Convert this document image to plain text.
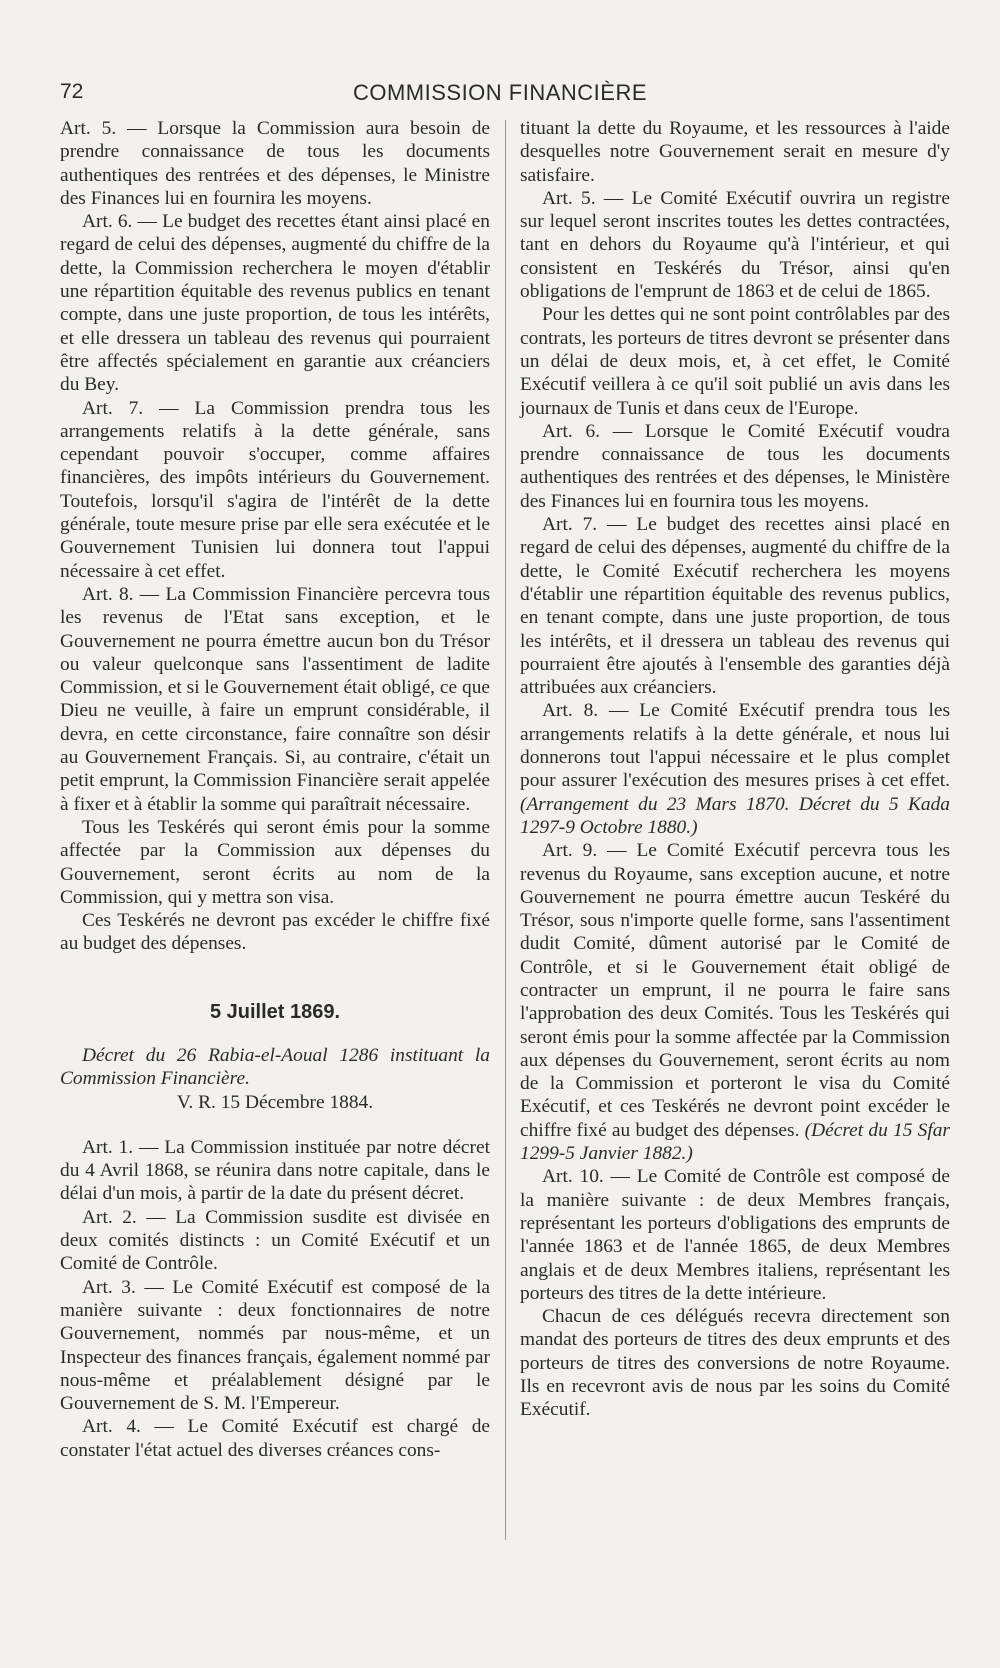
72	COMMISSION FINANCIÈRE

Art. 5. — Lorsque la Commission aura besoin de prendre connaissance de tous les documents authentiques des rentrées et des dépenses, le Ministre des Finances lui en fournira les moyens.

Art. 6. — Le budget des recettes étant ainsi placé en regard de celui des dépenses, augmenté du chiffre de la dette, la Commission recherchera le moyen d'établir une répartition équitable des revenus publics en tenant compte, dans une juste proportion, de tous les intérêts, et elle dressera un tableau des revenus qui pourraient être affectés spécialement en garantie aux créanciers du Bey.

Art. 7. — La Commission prendra tous les arrangements relatifs à la dette générale, sans cependant pouvoir s'occuper, comme affaires financières, des impôts intérieurs du Gouvernement. Toutefois, lorsqu'il s'agira de l'intérêt de la dette générale, toute mesure prise par elle sera exécutée et le Gouvernement Tunisien lui donnera tout l'appui nécessaire à cet effet.

Art. 8. — La Commission Financière percevra tous les revenus de l'Etat sans exception, et le Gouvernement ne pourra émettre aucun bon du Trésor ou valeur quelconque sans l'assentiment de ladite Commission, et si le Gouvernement était obligé, ce que Dieu ne veuille, à faire un emprunt considérable, il devra, en cette circonstance, faire connaître son désir au Gouvernement Français. Si, au contraire, c'était un petit emprunt, la Commission Financière serait appelée à fixer et à établir la somme qui paraîtrait nécessaire.

Tous les Teskérés qui seront émis pour la somme affectée par la Commission aux dépenses du Gouvernement, seront écrits au nom de la Commission, qui y mettra son visa.

Ces Teskérés ne devront pas excéder le chiffre fixé au budget des dépenses.

5 Juillet 1869.

Décret du 26 Rabia-el-Aoual 1286 instituant la Commission Financière.

V. R. 15 Décembre 1884.

Art. 1. — La Commission instituée par notre décret du 4 Avril 1868, se réunira dans notre capitale, dans le délai d'un mois, à partir de la date du présent décret.

Art. 2. — La Commission susdite est divisée en deux comités distincts : un Comité Exécutif et un Comité de Contrôle.

Art. 3. — Le Comité Exécutif est composé de la manière suivante : deux fonctionnaires de notre Gouvernement, nommés par nous-même, et un Inspecteur des finances français, également nommé par nous-même et préalablement désigné par le Gouvernement de S. M. l'Empereur.

Art. 4. — Le Comité Exécutif est chargé de constater l'état actuel des diverses créances cons-

tituant la dette du Royaume, et les ressources à l'aide desquelles notre Gouvernement serait en mesure d'y satisfaire.

Art. 5. — Le Comité Exécutif ouvrira un registre sur lequel seront inscrites toutes les dettes contractées, tant en dehors du Royaume qu'à l'intérieur, et qui consistent en Teskérés du Trésor, ainsi qu'en obligations de l'emprunt de 1863 et de celui de 1865.

Pour les dettes qui ne sont point contrôlables par des contrats, les porteurs de titres devront se présenter dans un délai de deux mois, et, à cet effet, le Comité Exécutif veillera à ce qu'il soit publié un avis dans les journaux de Tunis et dans ceux de l'Europe.

Art. 6. — Lorsque le Comité Exécutif voudra prendre connaissance de tous les documents authentiques des rentrées et des dépenses, le Ministère des Finances lui en fournira tous les moyens.

Art. 7. — Le budget des recettes ainsi placé en regard de celui des dépenses, augmenté du chiffre de la dette, le Comité Exécutif recherchera les moyens d'établir une répartition équitable des revenus publics, en tenant compte, dans une juste proportion, de tous les intérêts, et il dressera un tableau des revenus qui pourraient être ajoutés à l'ensemble des garanties déjà attribuées aux créanciers.

Art. 8. — Le Comité Exécutif prendra tous les arrangements relatifs à la dette générale, et nous lui donnerons tout l'appui nécessaire et le plus complet pour assurer l'exécution des mesures prises à cet effet. (Arrangement du 23 Mars 1870. Décret du 5 Kada 1297-9 Octobre 1880.)

Art. 9. — Le Comité Exécutif percevra tous les revenus du Royaume, sans exception aucune, et notre Gouvernement ne pourra émettre aucun Teskéré du Trésor, sous n'importe quelle forme, sans l'assentiment dudit Comité, dûment autorisé par le Comité de Contrôle, et si le Gouvernement était obligé de contracter un emprunt, il ne pourra le faire sans l'approbation des deux Comités. Tous les Teskérés qui seront émis pour la somme affectée par la Commission aux dépenses du Gouvernement, seront écrits au nom de la Commission et porteront le visa du Comité Exécutif, et ces Teskérés ne devront point excéder le chiffre fixé au budget des dépenses. (Décret du 15 Sfar 1299-5 Janvier 1882.)

Art. 10. — Le Comité de Contrôle est composé de la manière suivante : de deux Membres français, représentant les porteurs d'obligations des emprunts de l'année 1863 et de l'année 1865, de deux Membres anglais et de deux Membres italiens, représentant les porteurs des titres de la dette intérieure.

Chacun de ces délégués recevra directement son mandat des porteurs de titres des deux emprunts et des porteurs de titres des conversions de notre Royaume. Ils en recevront avis de nous par les soins du Comité Exécutif.
